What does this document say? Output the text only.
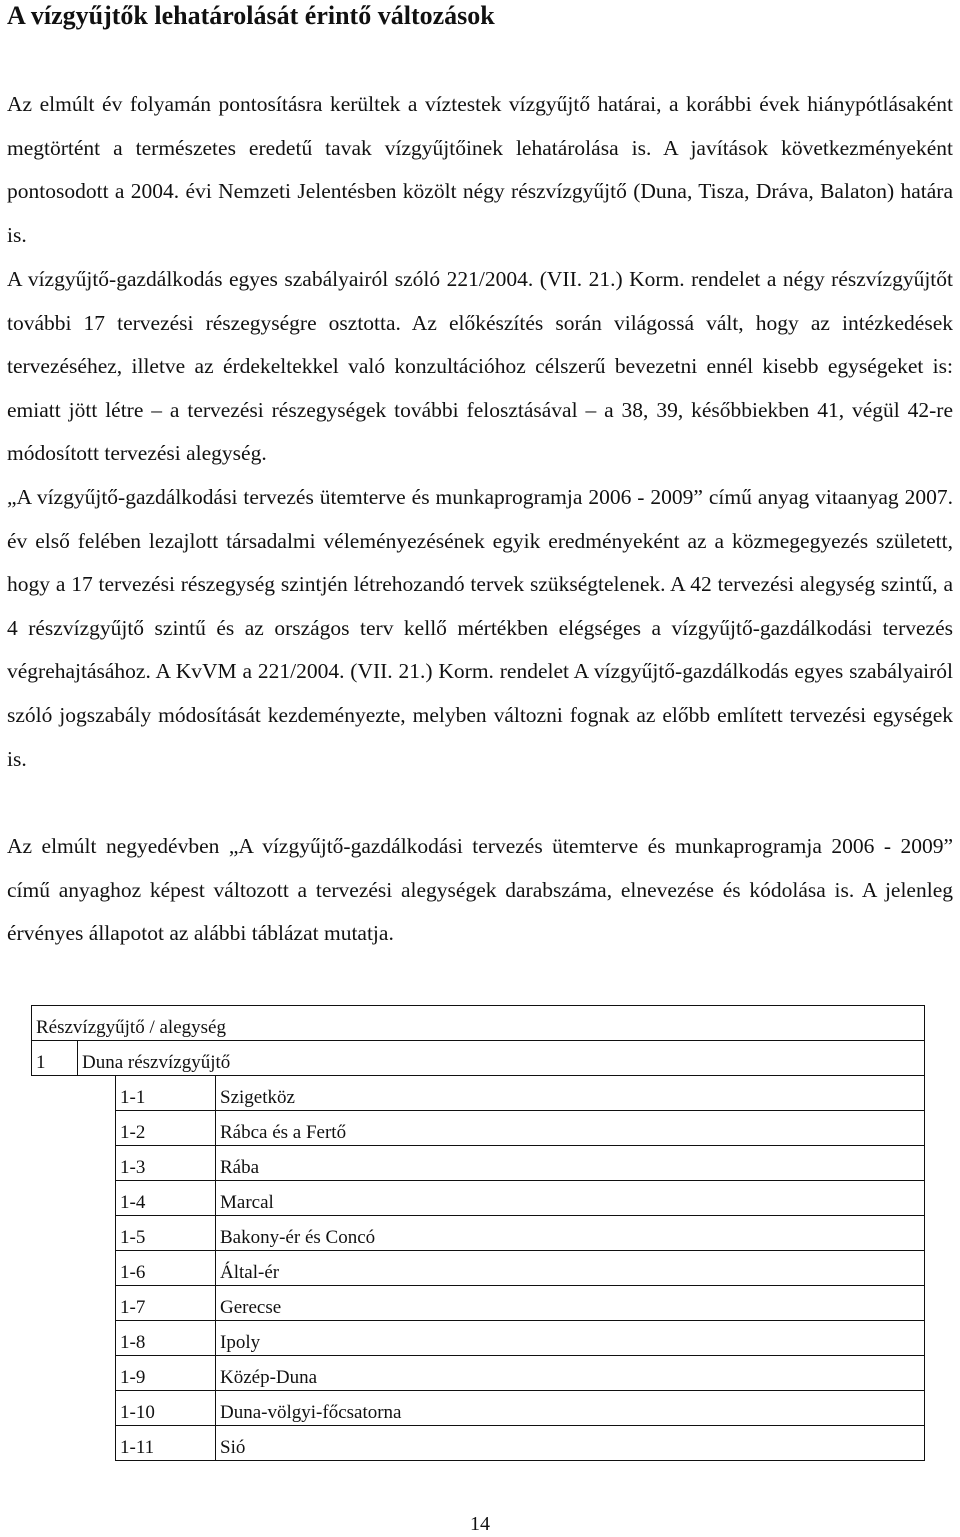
A vízgyűjtők lehatárolását érintő változások

Az elmúlt év folyamán pontosításra kerültek a víztestek vízgyűjtő határai, a korábbi évek hiánypótlásaként megtörtént a természetes eredetű tavak vízgyűjtőinek lehatárolása is. A javítások következményeként pontosodott a 2004. évi Nemzeti Jelentésben közölt négy részvízgyűjtő (Duna, Tisza, Dráva, Balaton) határa is.

A vízgyűjtő-gazdálkodás egyes szabályairól szóló 221/2004. (VII. 21.) Korm. rendelet a négy részvízgyűjtőt további 17 tervezési részegységre osztotta. Az előkészítés során világossá vált, hogy az intézkedések tervezéséhez, illetve az érdekeltekkel való konzultációhoz célszerű bevezetni ennél kisebb egységeket is: emiatt jött létre – a tervezési részegységek további felosztásával – a 38, 39, későbbiekben 41, végül 42-re módosított tervezési alegység.

„A vízgyűjtő-gazdálkodási tervezés ütemterve és munkaprogramja 2006 - 2009” című anyag vitaanyag 2007. év első felében lezajlott társadalmi véleményezésének egyik eredményeként az a közmegegyezés született, hogy a 17 tervezési részegység szintjén létrehozandó tervek szükségtelenek. A 42 tervezési alegység szintű, a 4 részvízgyűjtő szintű és az országos terv kellő mértékben elégséges a vízgyűjtő-gazdálkodási tervezés végrehajtásához. A KvVM a 221/2004. (VII. 21.) Korm. rendelet A vízgyűjtő-gazdálkodás egyes szabályairól szóló jogszabály módosítását kezdeményezte, melyben változni fognak az előbb említett tervezési egységek is.

Az elmúlt negyedévben „A vízgyűjtő-gazdálkodási tervezés ütemterve és munkaprogramja 2006 - 2009” című anyaghoz képest változott a tervezési alegységek darabszáma, elnevezése és kódolása is. A jelenleg érvényes állapotot az alábbi táblázat mutatja.

Részvízgyűjtő / alegység			
1	Duna részvízgyűjtő		
		1-1	Szigetköz
		1-2	Rábca és a Fertő
		1-3	Rába
		1-4	Marcal
		1-5	Bakony-ér és Concó
		1-6	Által-ér
		1-7	Gerecse
		1-8	Ipoly
		1-9	Közép-Duna
		1-10	Duna-völgyi-főcsatorna
		1-11	Sió
14
